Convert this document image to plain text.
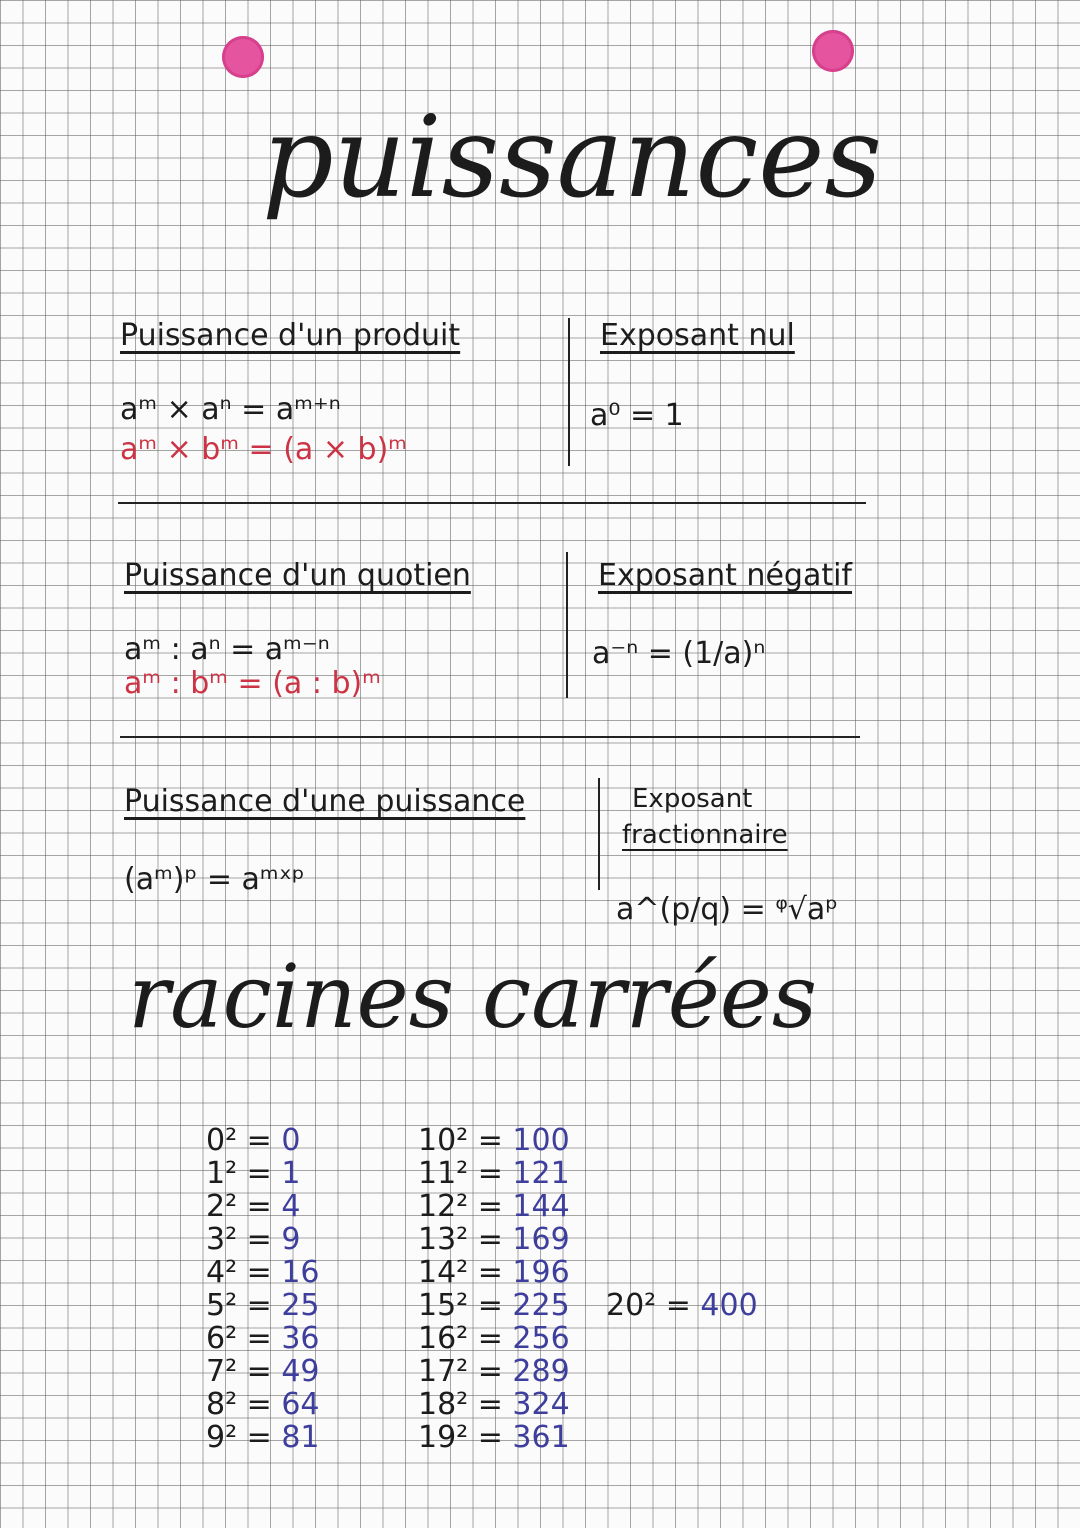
puissances
Puissance d'un produit
aᵐ × aⁿ = aᵐ⁺ⁿ
aᵐ × bᵐ = (a × b)ᵐ
Exposant nul
a⁰ = 1
Puissance d'un quotien
aᵐ : aⁿ = aᵐ⁻ⁿ
aᵐ : bᵐ = (a : b)ᵐ
Exposant négatif
a⁻ⁿ = (1/a)ⁿ
Puissance d'une puissance
(aᵐ)ᵖ = aᵐˣᵖ
Exposant
fractionnaire
a^(p/q) = ᵠ√aᵖ
racines carrées
0² = 0
1² = 1
2² = 4
3² = 9
4² = 16
5² = 25
6² = 36
7² = 49
8² = 64
9² = 81
10² = 100
11² = 121
12² = 144
13² = 169
14² = 196
15² = 225
16² = 256
17² = 289
18² = 324
19² = 361
20² = 400
